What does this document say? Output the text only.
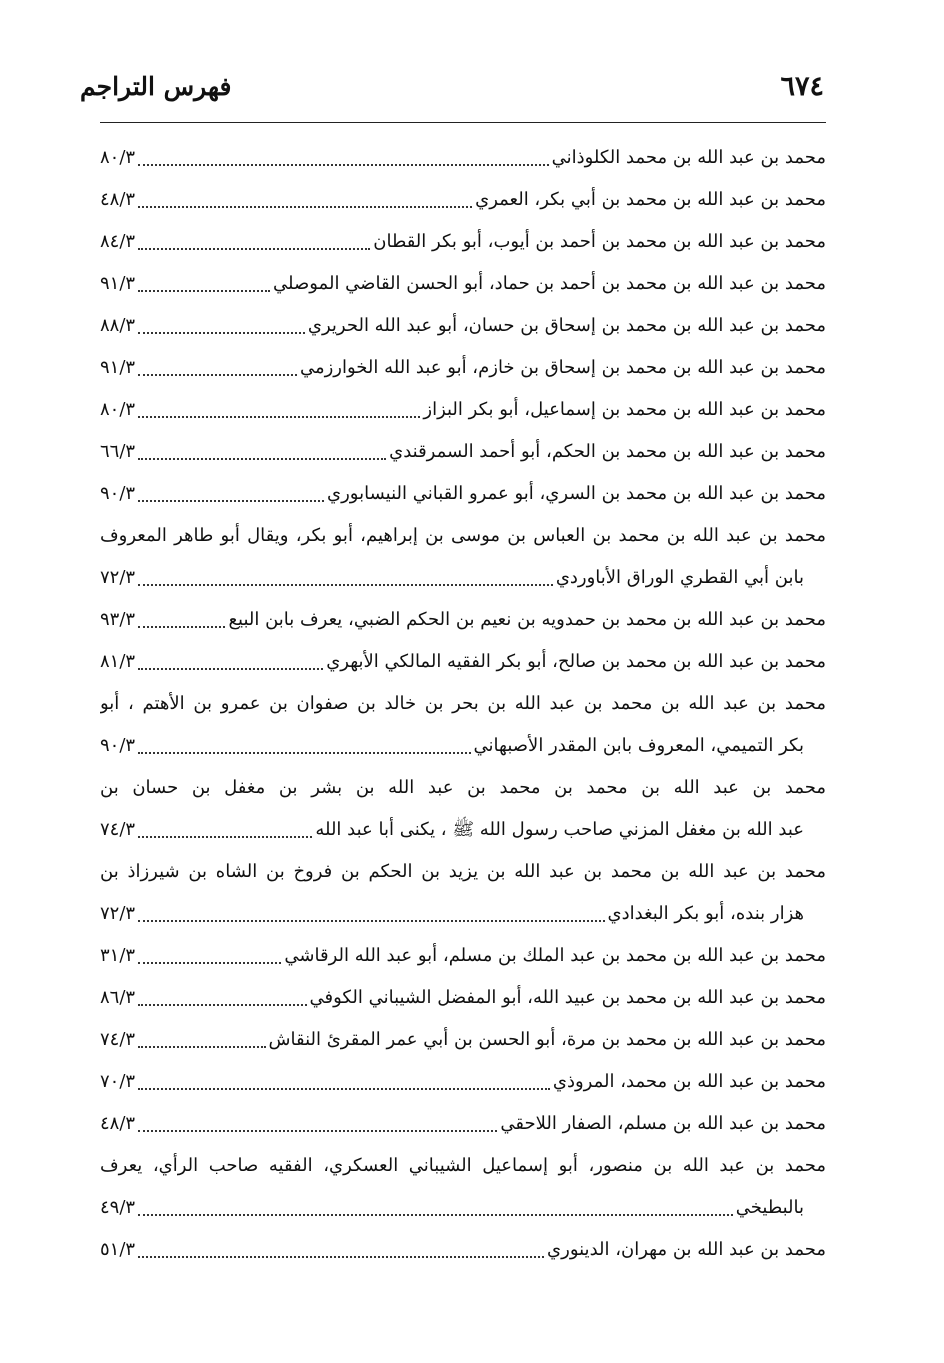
٦٧٤
فهرس التراجم
محمد بن عبد الله بن محمد الكلوذاني
٨٠/٣
محمد بن عبد الله بن محمد بن أبي بكر، العمري
٤٨/٣
محمد بن عبد الله بن محمد بن أحمد بن أيوب، أبو بكر القطان
٨٤/٣
محمد بن عبد الله بن محمد بن أحمد بن حماد، أبو الحسن القاضي الموصلي
٩١/٣
محمد بن عبد الله بن محمد بن إسحاق بن حسان، أبو عبد الله الحريري
٨٨/٣
محمد بن عبد الله بن محمد بن إسحاق بن خازم، أبو عبد الله الخوارزمي
٩١/٣
محمد بن عبد الله بن محمد بن إسماعيل، أبو بكر البزاز
٨٠/٣
محمد بن عبد الله بن محمد بن الحكم، أبو أحمد السمرقندي
٦٦/٣
محمد بن عبد الله بن محمد بن السري، أبو عمرو القباني النيسابوري
٩٠/٣
محمد بن عبد الله بن محمد بن العباس بن موسى بن إبراهيم، أبو بكر، ويقال أبو طاهر المعروف
بابن أبي القطري الوراق الأباوردي
٧٢/٣
محمد بن عبد الله بن محمد بن حمدويه بن نعيم بن الحكم الضبي، يعرف بابن البيع
٩٣/٣
محمد بن عبد الله بن محمد بن صالح، أبو بكر الفقيه المالكي الأبهري
٨١/٣
محمد بن عبد الله بن محمد بن عبد الله بن بحر بن خالد بن صفوان بن عمرو بن الأهتم ، أبو
بكر التميمي، المعروف بابن المقدر الأصبهاني
٩٠/٣
محمد بن عبد الله بن محمد بن محمد بن عبد الله بن بشر بن مغفل بن حسان بن
عبد الله بن مغفل المزني صاحب رسول الله ﷺ ، يكنى أبا عبد الله
٧٤/٣
محمد بن عبد الله بن محمد بن عبد الله بن يزيد بن الحكم بن فروخ بن الشاه بن شيرزاذ بن
هزار بنده، أبو بكر البغدادي
٧٢/٣
محمد بن عبد الله بن محمد بن عبد الملك بن مسلم، أبو عبد الله الرقاشي
٣١/٣
محمد بن عبد الله بن محمد بن عبيد الله، أبو المفضل الشيباني الكوفي
٨٦/٣
محمد بن عبد الله بن محمد بن مرة، أبو الحسن بن أبي عمر المقرئ النقاش
٧٤/٣
محمد بن عبد الله بن محمد، المروذي
٧٠/٣
محمد بن عبد الله بن مسلم، الصفار اللاحقي
٤٨/٣
محمد بن عبد الله بن منصور، أبو إسماعيل الشيباني العسكري، الفقيه صاحب الرأي، يعرف
بالبطيخي
٤٩/٣
محمد بن عبد الله بن مهران، الدينوري
٥١/٣
